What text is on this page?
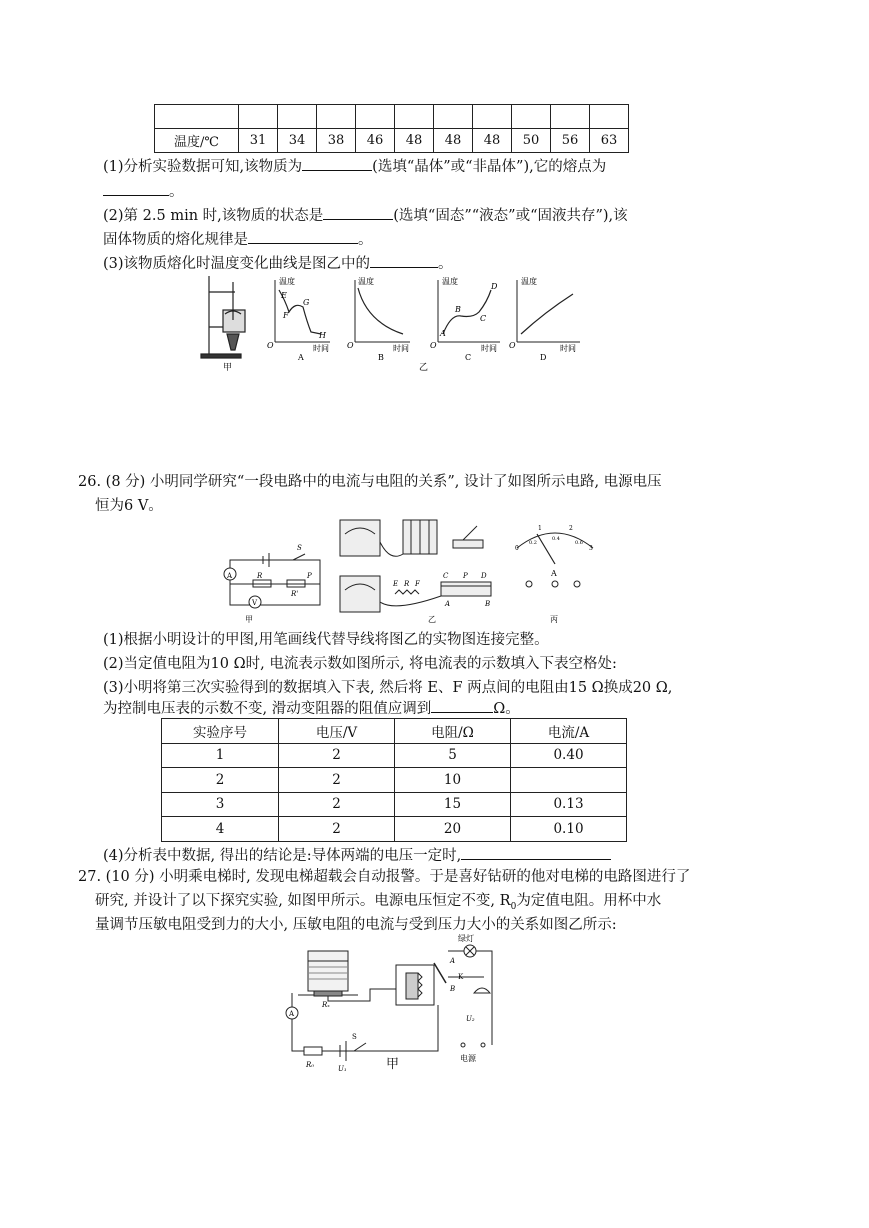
温度/℃	31	34	38	46	48	48	48	50	56	63
(1)分析实验数据可知,该物质为	(选填“晶体”或“非晶体”),它的熔点为
。
(2)第 2.5 min 时,该物质的状态是	(选填“固态”“液态”或“固液共存”),该
固体物质的熔化规律是	。
(3)该物质熔化时温度变化曲线是图乙中的	。
甲
温度
时间
O
E
F
G
H
A
温度
时间
O
B
温度
时间
O
A
B
C
D
C
温度
时间
O
D
乙
26. (8 分) 小明同学研究“一段电路中的电流与电阻的关系”, 设计了如图所示电路, 电源电压
恒为6 V。
A
V
R
R'
S
P
甲
E R F
C P D
A	B
乙
0
1	2
3
0.2
0.4
0.6
A
丙
(1)根据小明设计的甲图,用笔画线代替导线将图乙的实物图连接完整。
(2)当定值电阻为10 Ω时, 电流表示数如图所示, 将电流表的示数填入下表空格处:
(3)小明将第三次实验得到的数据填入下表, 然后将 E、F 两点间的电阻由15 Ω换成20 Ω,
为控制电压表的示数不变, 滑动变阻器的阻值应调到	Ω。
实验序号	电压/V	电阻/Ω	电流/A
1	2	5	0.40
2	2	10	
3	2	15	0.13
4	2	20	0.10
(4)分析表中数据, 得出的结论是:导体两端的电压一定时,
27. (10 分) 小明乘电梯时, 发现电梯超载会自动报警。于是喜好钻研的他对电梯的电路图进行了
研究, 并设计了以下探究实验, 如图甲所示。电源电压恒定不变, $R_0$为定值电阻。用杯中水
量调节压敏电阻受到力的大小, 压敏电阻的电流与受到压力大小的关系如图乙所示:
绿灯
A
K
B
U₂
电源
Rₓ
A
S
R₀	U₁	甲
